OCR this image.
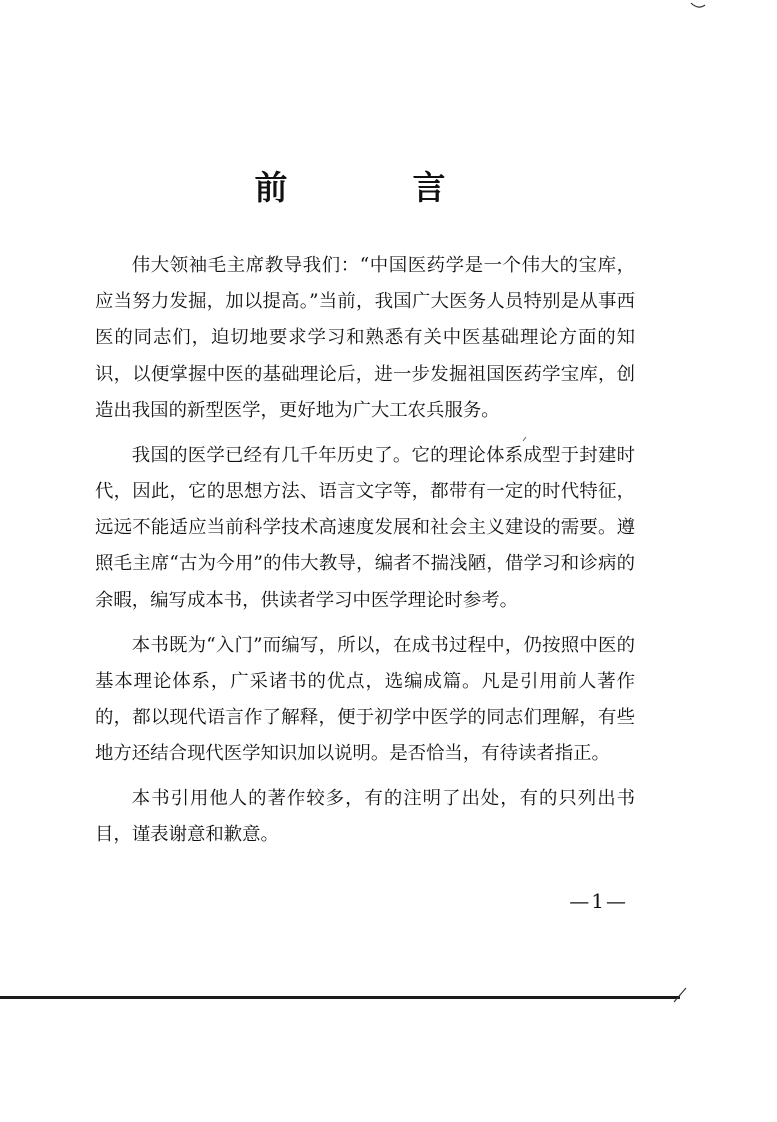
前　言

伟大领袖毛主席教导我们：“中国医药学是一个伟大的宝库，应当努力发掘，加以提高。”当前，我国广大医务人员特别是从事西医的同志们，迫切地要求学习和熟悉有关中医基础理论方面的知识，以便掌握中医的基础理论后，进一步发掘祖国医药学宝库，创造出我国的新型医学，更好地为广大工农兵服务。

我国的医学已经有几千年历史了。它的理论体系成型于封建时代，因此，它的思想方法、语言文字等，都带有一定的时代特征，远远不能适应当前科学技术高速度发展和社会主义建设的需要。遵照毛主席“古为今用”的伟大教导，编者不揣浅陋，借学习和诊病的余暇，编写成本书，供读者学习中医学理论时参考。

本书既为“入门”而编写，所以，在成书过程中，仍按照中医的基本理论体系，广采诸书的优点，选编成篇。凡是引用前人著作的，都以现代语言作了解释，便于初学中医学的同志们理解，有些地方还结合现代医学知识加以说明。是否恰当，有待读者指正。

本书引用他人的著作较多，有的注明了出处，有的只列出书目，谨表谢意和歉意。

—1—
